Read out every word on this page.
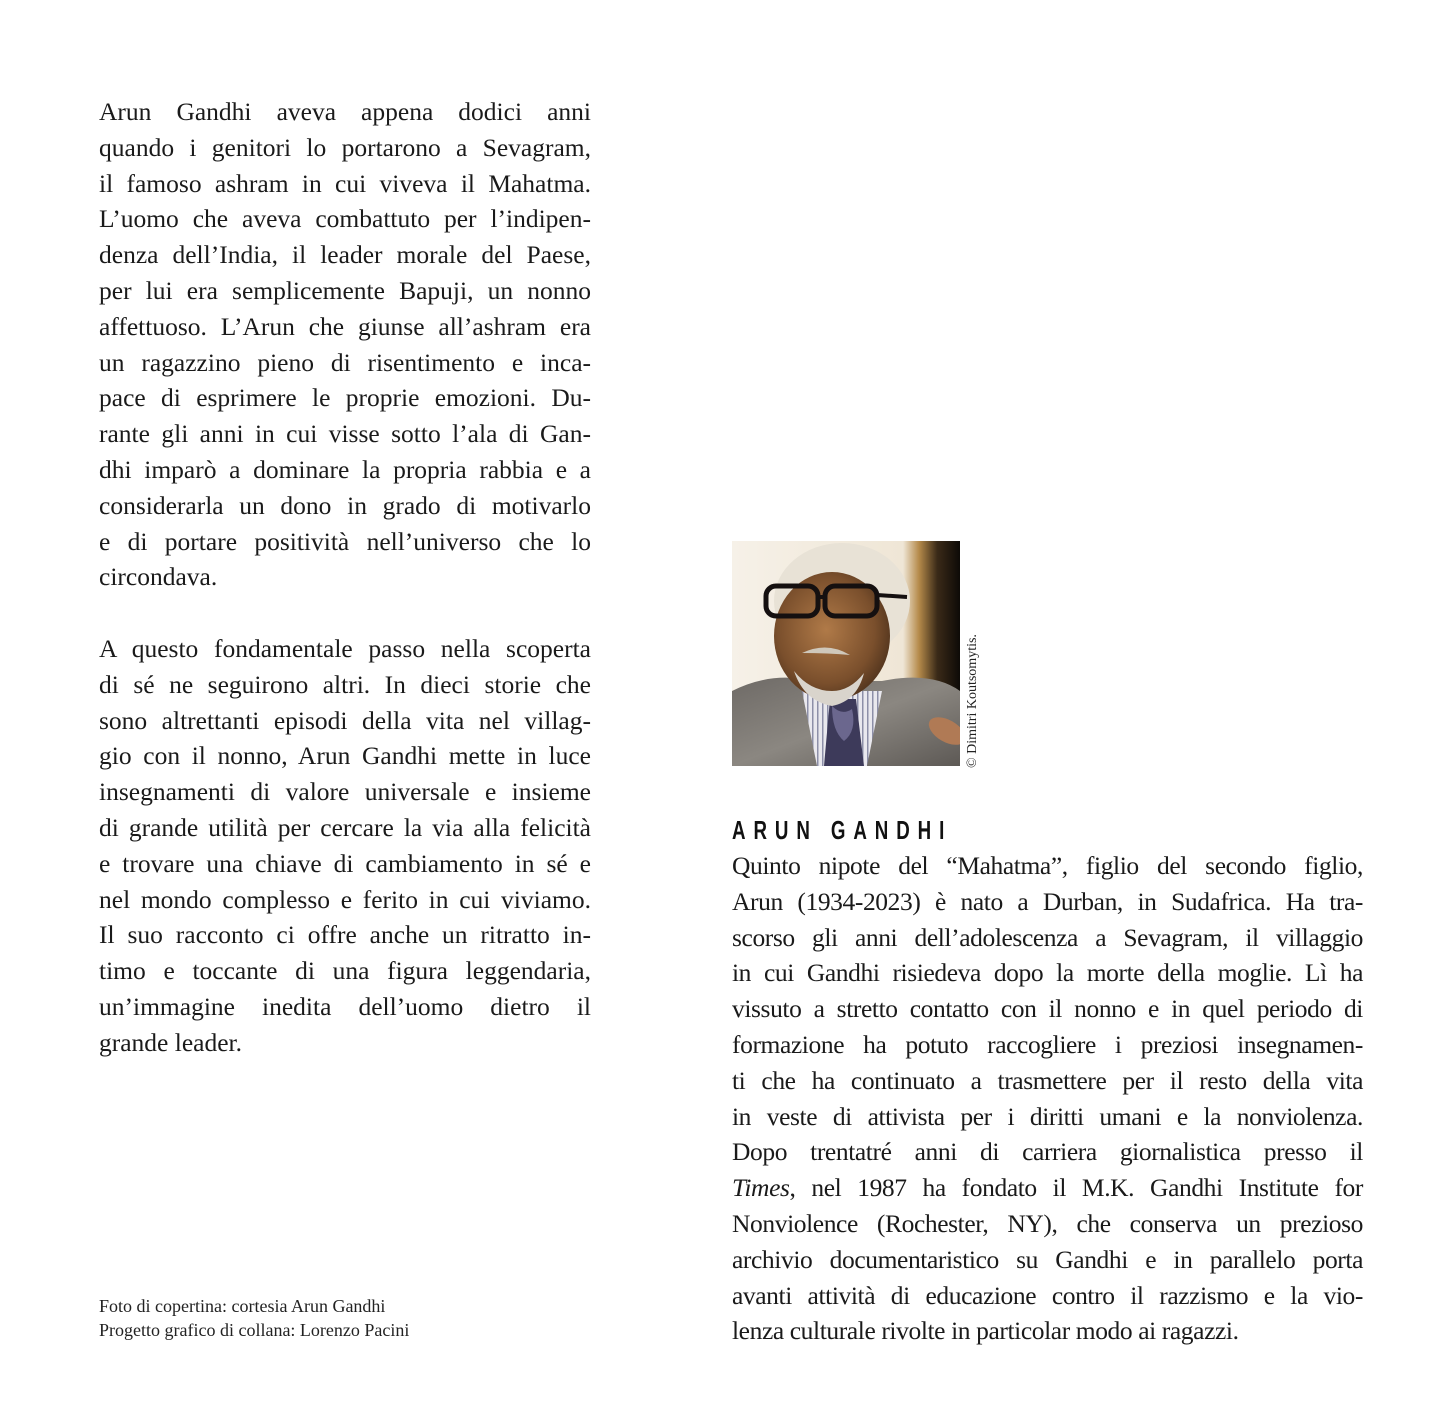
Arun Gandhi aveva appena dodici anni
quando i genitori lo portarono a Sevagram,
il famoso ashram in cui viveva il Mahatma.
L’uomo che aveva combattuto per l’indipen-
denza dell’India, il leader morale del Paese,
per lui era semplicemente Bapuji, un nonno
affettuoso. L’Arun che giunse all’ashram era
un ragazzino pieno di risentimento e inca-
pace di esprimere le proprie emozioni. Du-
rante gli anni in cui visse sotto l’ala di Gan-
dhi imparò a dominare la propria rabbia e a
considerarla un dono in grado di motivarlo
e di portare positività nell’universo che lo
circondava.

A questo fondamentale passo nella scoperta
di sé ne seguirono altri. In dieci storie che
sono altrettanti episodi della vita nel villag-
gio con il nonno, Arun Gandhi mette in luce
insegnamenti di valore universale e insieme
di grande utilità per cercare la via alla felicità
e trovare una chiave di cambiamento in sé e
nel mondo complesso e ferito in cui viviamo.
Il suo racconto ci offre anche un ritratto in-
timo e toccante di una figura leggendaria,
un’immagine inedita dell’uomo dietro il
grande leader.

Foto di copertina: cortesia Arun Gandhi
Progetto grafico di collana: Lorenzo Pacini
© Dimitri Koutsomytis.
ARUN GANDHI

Quinto nipote del “Mahatma”, figlio del secondo figlio,
Arun (1934-2023) è nato a Durban, in Sudafrica. Ha tra-
scorso gli anni dell’adolescenza a Sevagram, il villaggio
in cui Gandhi risiedeva dopo la morte della moglie. Lì ha
vissuto a stretto contatto con il nonno e in quel periodo di
formazione ha potuto raccogliere i preziosi insegnamen-
ti che ha continuato a trasmettere per il resto della vita
in veste di attivista per i diritti umani e la nonviolenza.
Dopo trentatré anni di carriera giornalistica presso il
Times, nel 1987 ha fondato il M.K. Gandhi Institute for
Nonviolence (Rochester, NY), che conserva un prezioso
archivio documentaristico su Gandhi e in parallelo porta
avanti attività di educazione contro il razzismo e la vio-
lenza culturale rivolte in particolar modo ai ragazzi.
